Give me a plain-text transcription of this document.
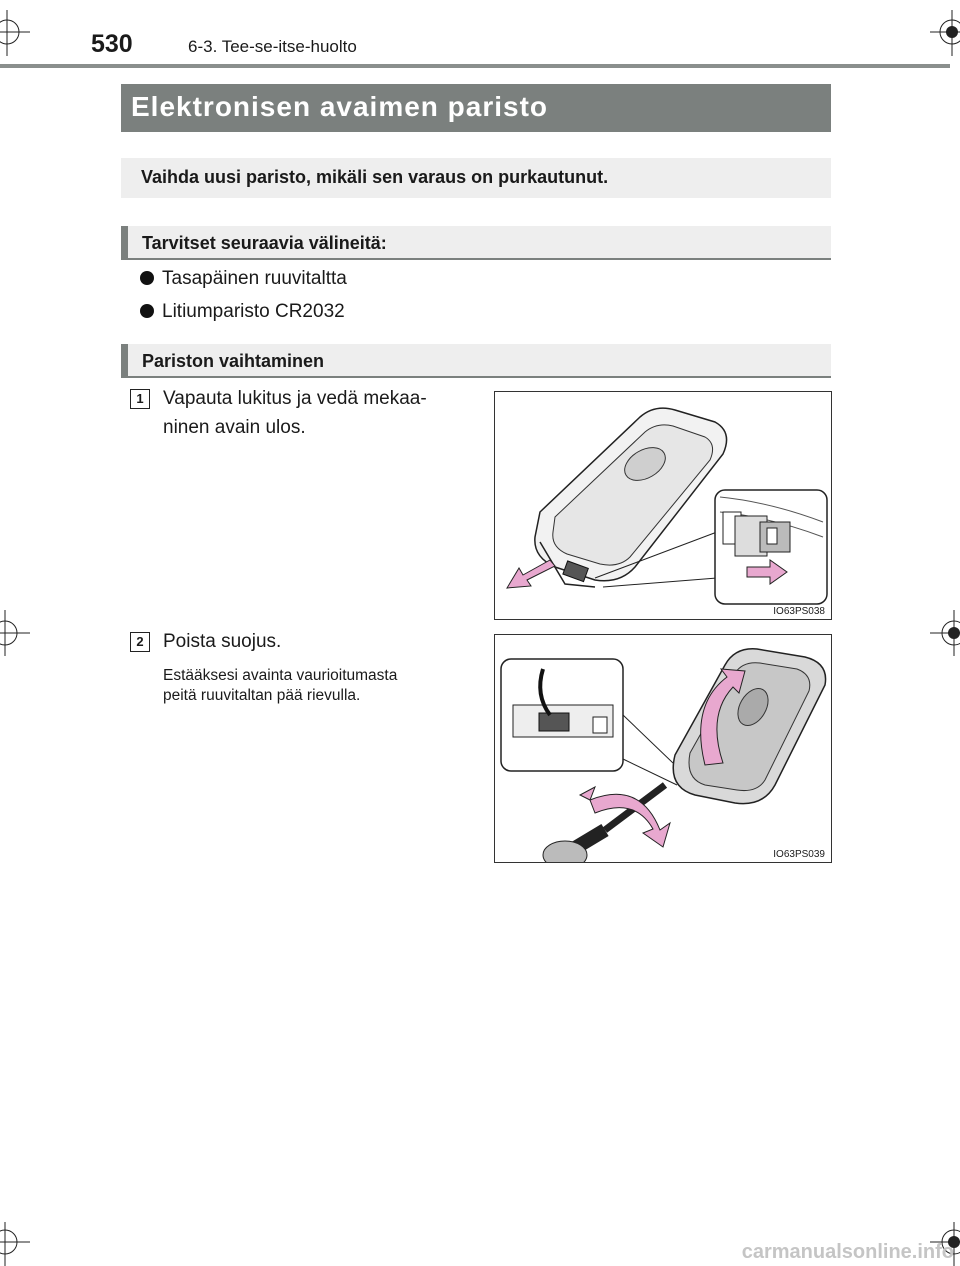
530	6-3. Tee-se-itse-huolto
Elektronisen avaimen paristo
Vaihda uusi paristo, mikäli sen varaus on purkautunut.
Tarvitset seuraavia välineitä:
Tasapäinen ruuvitaltta
Litiumparisto CR2032
Pariston vaihtaminen
1	Vapauta lukitus ja vedä mekaa-
ninen avain ulos.
IO63PS038
2	Poista suojus.
Estääksesi avainta vaurioitumasta
peitä ruuvitaltan pää rievulla.
IO63PS039
carmanualsonline.info
